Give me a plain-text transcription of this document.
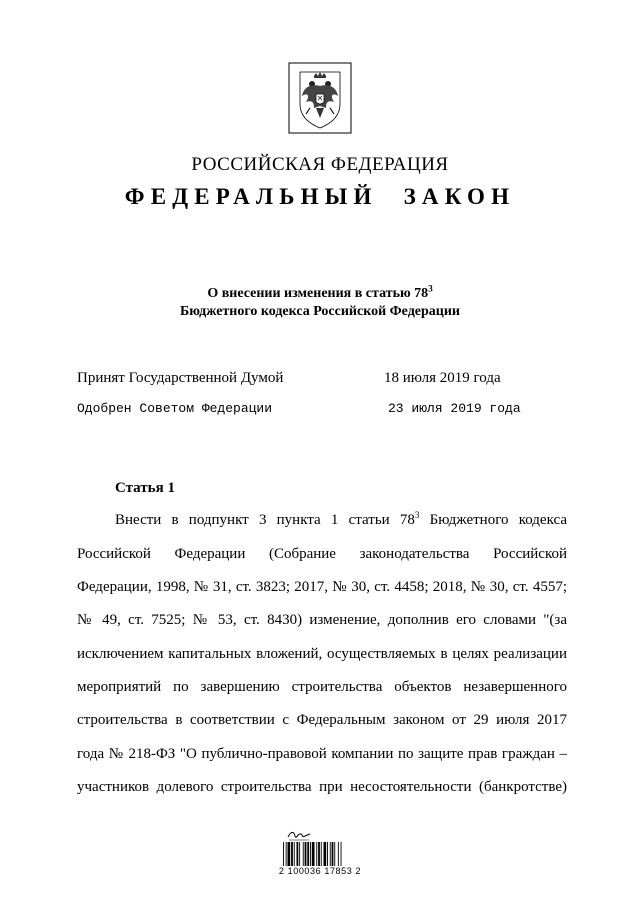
РОССИЙСКАЯ ФЕДЕРАЦИЯ
ФЕДЕРАЛЬНЫЙ ЗАКОН
О внесении изменения в статью $78^3$
Бюджетного кодекса Российской Федерации
Принят Государственной Думой	18 июля 2019 года
Одобрен Советом Федерации	23 июля 2019 года
Статья 1
Внести в подпункт 3 пункта 1 статьи $78^3$ Бюджетного кодекса
Российской Федерации (Собрание законодательства Российской
Федерации, 1998, № 31, ст. 3823; 2017, № 30, ст. 4458; 2018, № 30, ст. 4557;
№ 49, ст. 7525; № 53, ст. 8430) изменение, дополнив его словами "(за
исключением капитальных вложений, осуществляемых в целях реализации
мероприятий по завершению строительства объектов незавершенного
строительства в соответствии с Федеральным законом от 29 июля 2017
года № 218-ФЗ "О публично-правовой компании по защите прав граждан –
участников долевого строительства при несостоятельности (банкротстве)
2 100036 17853 2
